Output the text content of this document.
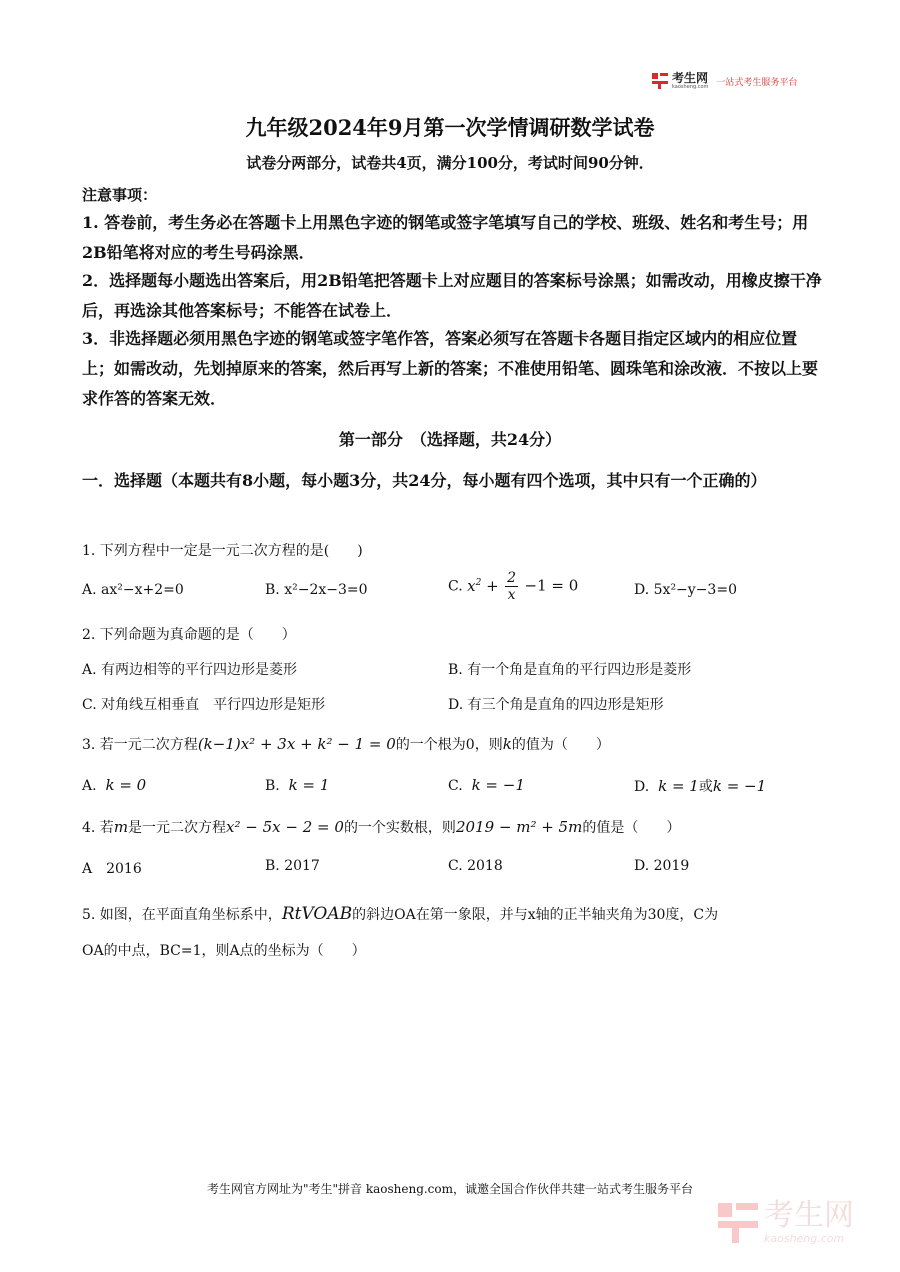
考生网
kaosheng.com 一站式考生服务平台
九年级2024年9月第一次学情调研数学试卷
试卷分两部分，试卷共4页，满分100分，考试时间90分钟．
注意事项：
1. 答卷前，考生务必在答题卡上用黑色字迹的钢笔或签字笔填写自己的学校、班级、姓名和考生号；用2B铅笔将对应的考生号码涂黑．
2．选择题每小题选出答案后，用2B铅笔把答题卡上对应题目的答案标号涂黑；如需改动，用橡皮擦干净后，再选涂其他答案标号；不能答在试卷上．
3．非选择题必须用黑色字迹的钢笔或签字笔作答，答案必须写在答题卡各题目指定区域内的相应位置上；如需改动，先划掉原来的答案，然后再写上新的答案；不准使用铅笔、圆珠笔和涂改液．不按以上要求作答的答案无效．
第一部分　（选择题，共24分）
一．选择题（本题共有8小题，每小题3分，共24分，每小题有四个选项，其中只有一个正确的）
1. 下列方程中一定是一元二次方程的是(　　)
A. ax²−x+2=0	B. x²−2x−3=0	C. $x^2 + \frac{2}{x} -1 = 0$	D. 5x²−y−3=0
2. 下列命题为真命题的是（　　）
A. 有两边相等的平行四边形是菱形	B. 有一个角是直角的平行四边形是菱形
C. 对角线互相垂直　平行四边形是矩形	D. 有三个角是直角的四边形是矩形
3. 若一元二次方程(k−1)x² + 3x + k² − 1 = 0的一个根为0，则k的值为（　　）
A. k = 0	B. k = 1	C. k = −1	D. k = 1或k = −1
4. 若m是一元二次方程x² − 5x − 2 = 0的一个实数根，则2019 − m² + 5m的值是（　　）
A　2016	B. 2017	C. 2018	D. 2019
5. 如图，在平面直角坐标系中，RtVOAB的斜边OA在第一象限，并与x轴的正半轴夹角为30度，C为
OA的中点，BC=1，则A点的坐标为（　　）
考生网官方网址为"考生"拼音 kaosheng.com，诚邀全国合作伙伴共建一站式考生服务平台
考生网
kaosheng.com
